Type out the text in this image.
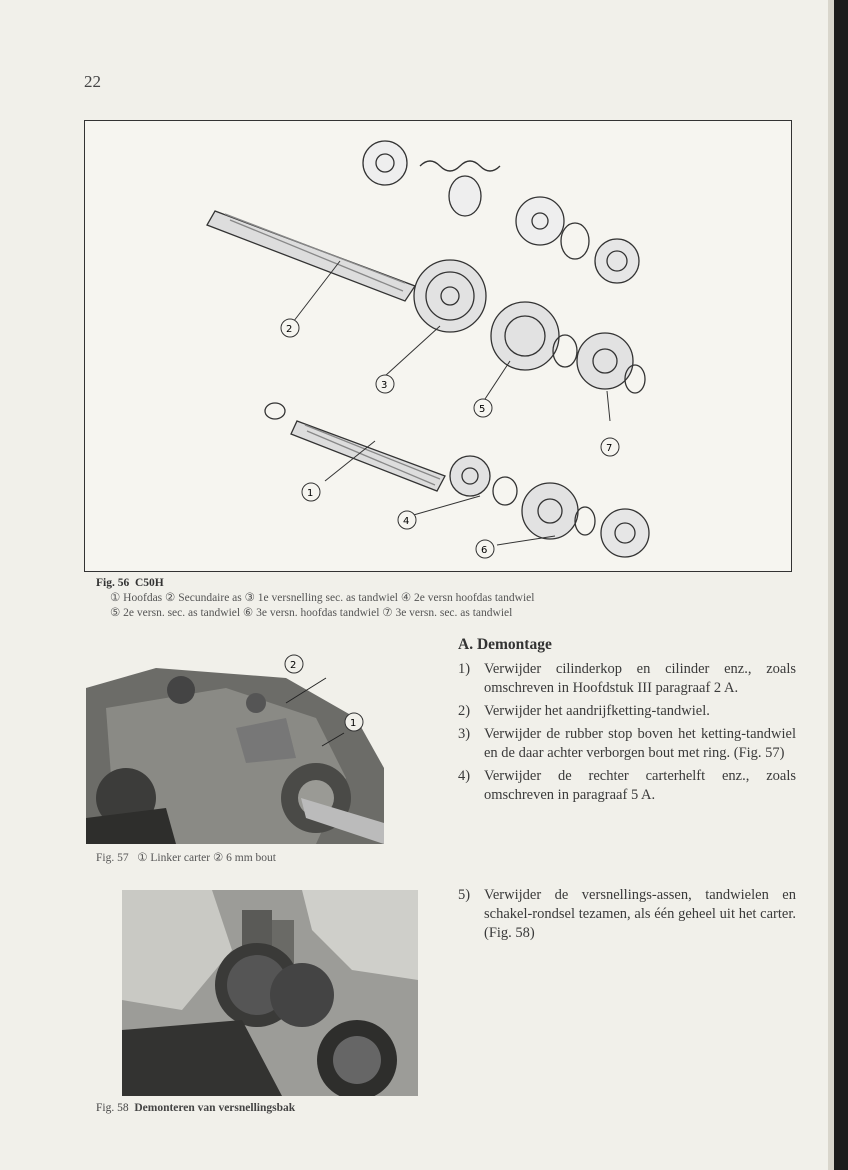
22
2
3
5
7
1
4
6
Fig. 56 C50H
① Hoofdas ② Secundaire as ③ 1e versnelling sec. as tandwiel ④ 2e versn hoofdas tandwiel
⑤ 2e versn. sec. as tandwiel ⑥ 3e versn. hoofdas tandwiel ⑦ 3e versn. sec. as tandwiel
2
1
Fig. 57 ① Linker carter ② 6 mm bout
Fig. 58 Demonteren van versnellingsbak
A. Demontage
1) Verwijder cilinderkop en cilinder enz., zoals omschreven in Hoofdstuk III paragraaf 2 A.
2) Verwijder het aandrijfketting-tandwiel.
3) Verwijder de rubber stop boven het ketting-tandwiel en de daar achter verborgen bout met ring. (Fig. 57)
4) Verwijder de rechter carterhelft enz., zoals omschreven in paragraaf 5 A.
5) Verwijder de versnellings-assen, tandwielen en schakel-rondsel tezamen, als één geheel uit het carter. (Fig. 58)
